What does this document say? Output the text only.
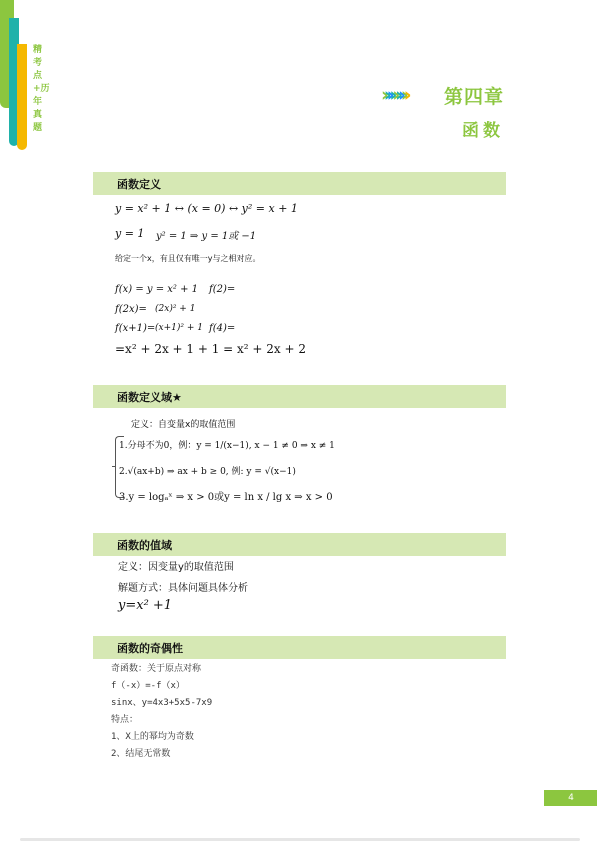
精考点+历年真题
› › › › › › › › › 第四章
函数
函数定义
y = x² + 1 ↔ (x = 0) ↔ y² = x + 1
y = 1 y² = 1 ⇒ y = 1或 −1
给定一个x，有且仅有唯一y与之相对应。
f(x) = y = x² + 1 f(2)=
f(2x)= (2x)² + 1
f(x+1)= (x+1)² + 1 f(4)=
=x² + 2x + 1 + 1 = x² + 2x + 2
函数定义域★
定义：自变量x的取值范围
1.分母不为0，例：y = 1/(x−1), x − 1 ≠ 0 ⇒ x ≠ 1
2.√(ax+b) ⇒ ax + b ≥ 0, 例: y = √(x−1)
3.y = logₐˣ ⇒ x > 0或y = ln x / lg x ⇒ x > 0
函数的值域
定义：因变量y的取值范围
解题方式：具体问题具体分析
y=x² +1
函数的奇偶性
奇函数：关于原点对称
f（-x）=-f（x）
sinx、y=4x3+5x5-7x9
特点：
1、X上的幂均为奇数
2、结尾无常数
4
